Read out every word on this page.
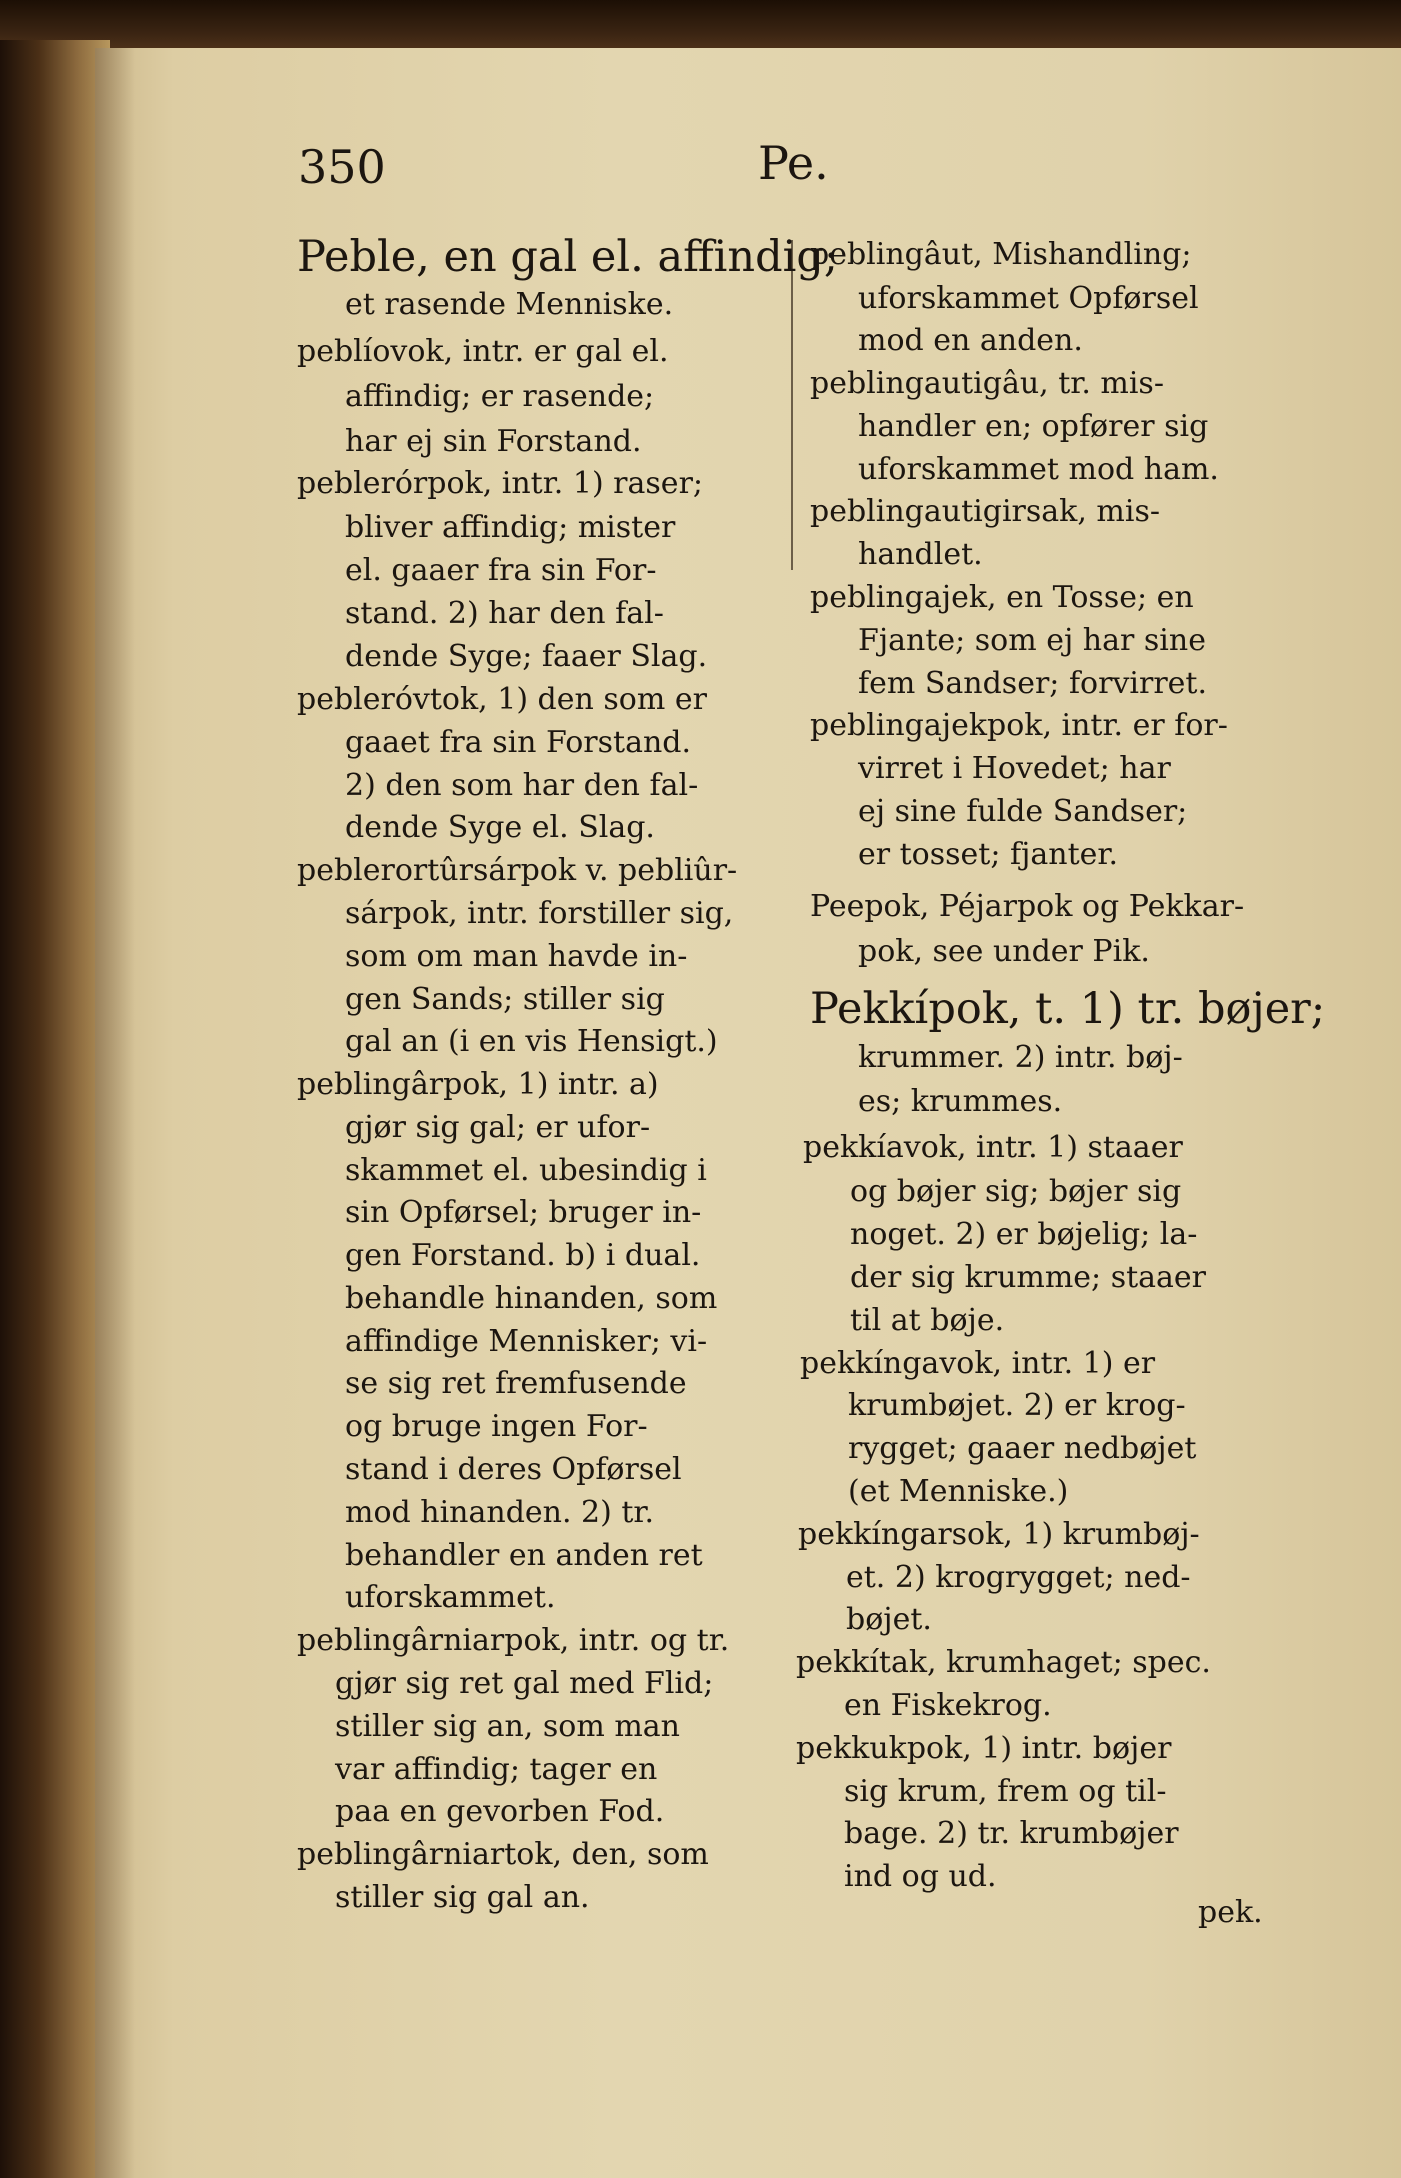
350	Pe.
Peble, en gal el. affindig;
et rasende Menniske.
peblíovok, intr. er gal el.
affindig; er rasende;
har ej sin Forstand.
peblerórpok, intr. 1) raser;
bliver affindig; mister
el. gaaer fra sin For-
stand. 2) har den fal-
dende Syge; faaer Slag.
pebleróvtok, 1) den som er
gaaet fra sin Forstand.
2) den som har den fal-
dende Syge el. Slag.
peblerortûrsárpok v. pebliûr-
sárpok, intr. forstiller sig,
som om man havde in-
gen Sands; stiller sig
gal an (i en vis Hensigt.)
peblingârpok, 1) intr. a)
gjør sig gal; er ufor-
skammet el. ubesindig i
sin Opførsel; bruger in-
gen Forstand. b) i dual.
behandle hinanden, som
affindige Mennisker; vi-
se sig ret fremfusende
og bruge ingen For-
stand i deres Opførsel
mod hinanden. 2) tr.
behandler en anden ret
uforskammet.
peblingârniarpok, intr. og tr.
gjør sig ret gal med Flid;
stiller sig an, som man
var affindig; tager en
paa en gevorben Fod.
peblingârniartok, den, som
stiller sig gal an.
peblingâut, Mishandling;
uforskammet Opførsel
mod en anden.
peblingautigâu, tr. mis-
handler en; opfører sig
uforskammet mod ham.
peblingautigirsak, mis-
handlet.
peblingajek, en Tosse; en
Fjante; som ej har sine
fem Sandser; forvirret.
peblingajekpok, intr. er for-
virret i Hovedet; har
ej sine fulde Sandser;
er tosset; fjanter.
Peepok, Péjarpok og Pekkar-
pok, see under Pik.
Pekkípok, t. 1) tr. bøjer;
krummer. 2) intr. bøj-
es; krummes.
pekkíavok, intr. 1) staaer
og bøjer sig; bøjer sig
noget. 2) er bøjelig; la-
der sig krumme; staaer
til at bøje.
pekkíngavok, intr. 1) er
krumbøjet. 2) er krog-
rygget; gaaer nedbøjet
(et Menniske.)
pekkíngarsok, 1) krumbøj-
et. 2) krogrygget; ned-
bøjet.
pekkítak, krumhaget; spec.
en Fiskekrog.
pekkukpok, 1) intr. bøjer
sig krum, frem og til-
bage. 2) tr. krumbøjer
ind og ud.
pek.
